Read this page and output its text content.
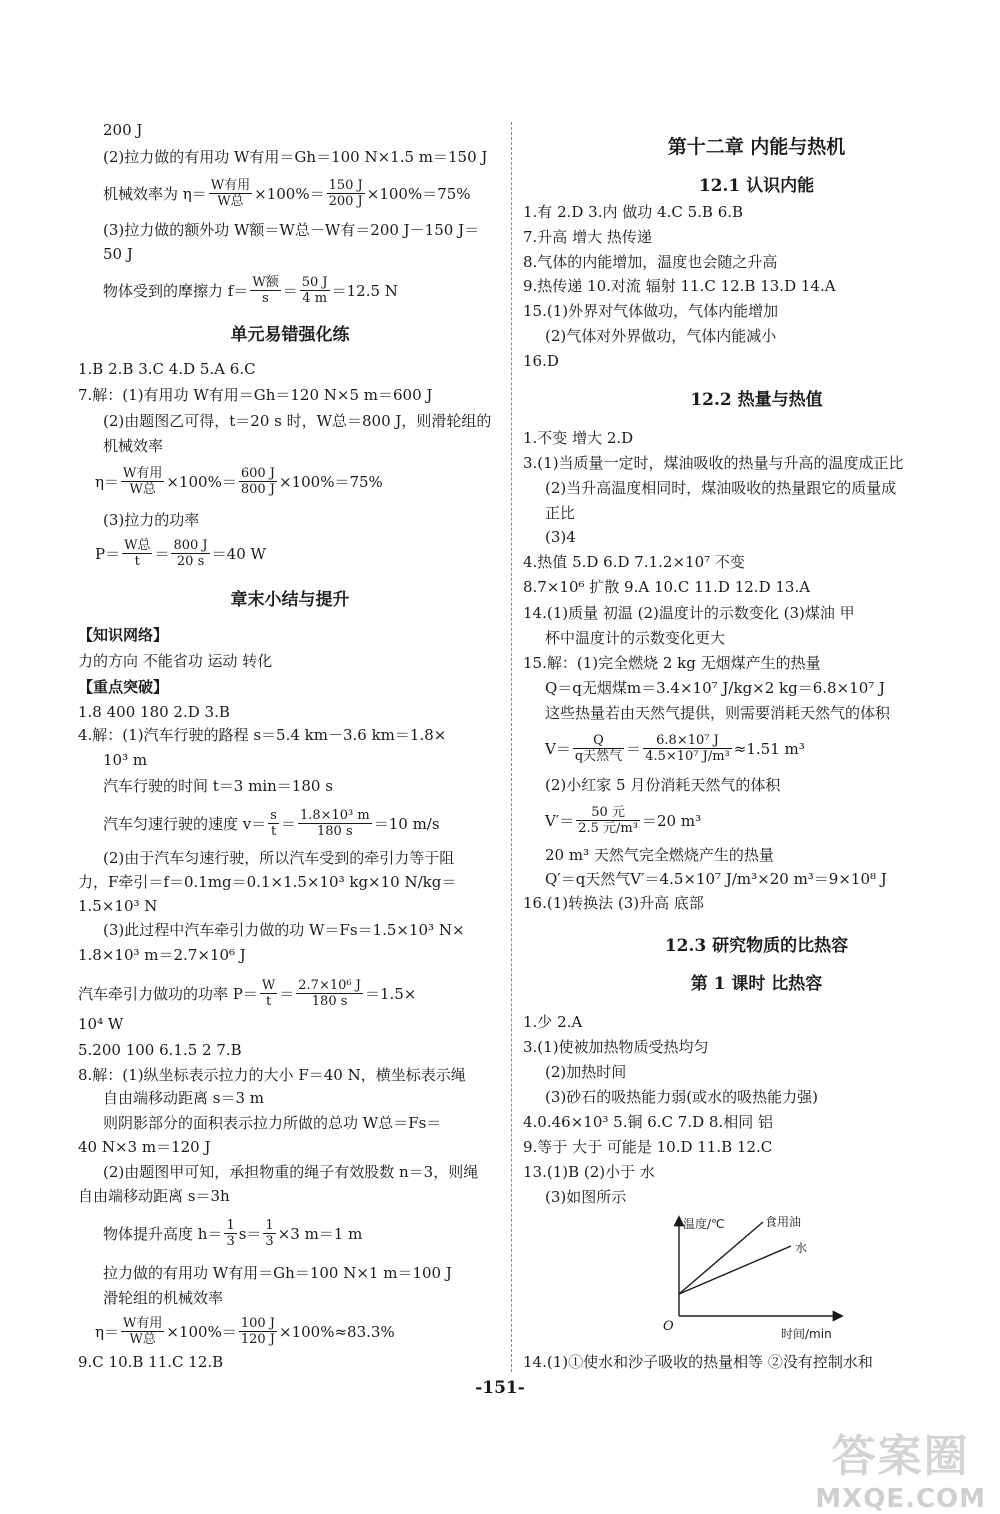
200 J
(2)拉力做的有用功 W有用＝Gh＝100 N×1.5 m＝150 J
机械效率为 $\eta= \frac{\text{W有用}}{\text{W总}} \times 100\%= \frac{150 J}{200 J} \times 100\%=75\%$
(3)拉力做的额外功 W额＝W总－W有＝200 J－150 J＝
50 J
物体受到的摩擦力 $f= \frac{\text{W额}}{s} = \frac{50 J}{4 m} =12.5$ N
单元易错强化练
1.B 2.B 3.C 4.D 5.A 6.C
7.解：(1)有用功 W有用＝Gh＝120 N×5 m＝600 J
(2)由题图乙可得，t＝20 s 时，W总＝800 J，则滑轮组的
机械效率
$\eta= \frac{\text{W有用}}{\text{W总}} \times 100\%= \frac{600 J}{800 J} \times 100\%=75\%$
(3)拉力的功率
$P= \frac{\text{W总}}{t} = \frac{800 J}{20 s} =40$ W
章末小结与提升
【知识网络】
力的方向 不能省功 运动 转化
【重点突破】
1.8 400 180 2.D 3.B
4.解：(1)汽车行驶的路程 s＝5.4 km－3.6 km＝1.8×
10³ m
汽车行驶的时间 t＝3 min＝180 s
汽车匀速行驶的速度 $v= \frac{s}{t} = \frac{\text{1.8×10³ m}}{180 s} =10$ m/s
(2)由于汽车匀速行驶，所以汽车受到的牵引力等于阻
力，F牵引＝f＝0.1mg＝0.1×1.5×10³ kg×10 N/kg＝
1.5×10³ N
(3)此过程中汽车牵引力做的功 W＝Fs＝1.5×10³ N×
1.8×10³ m＝2.7×10⁶ J
汽车牵引力做功的功率 $P= \frac{W}{t} = \frac{\text{2.7×10⁶ J}}{180 s} =1.5\times$
10⁴ W
5.200 100 6.1.5 2 7.B
8.解：(1)纵坐标表示拉力的大小 F＝40 N，横坐标表示绳
自由端移动距离 s＝3 m
则阴影部分的面积表示拉力所做的总功 W总＝Fs＝
40 N×3 m＝120 J
(2)由题图甲可知，承担物重的绳子有效股数 n＝3，则绳
自由端移动距离 s＝3h
物体提升高度 $h= \frac{1}{3} s= \frac{1}{3} \times 3$ m＝1 m
拉力做的有用功 W有用＝Gh＝100 N×1 m＝100 J
滑轮组的机械效率
$\eta= \frac{\text{W有用}}{\text{W总}} \times 100\%= \frac{100 J}{120 J} \times 100\%\approx 83.3\%$
9.C 10.B 11.C 12.B
第十二章 内能与热机
12.1 认识内能
1.有 2.D 3.内 做功 4.C 5.B 6.B
7.升高 增大 热传递
8.气体的内能增加，温度也会随之升高
9.热传递 10.对流 辐射 11.C 12.B 13.D 14.A
15.(1)外界对气体做功，气体内能增加
(2)气体对外界做功，气体内能减小
16.D
12.2 热量与热值
1.不变 增大 2.D
3.(1)当质量一定时，煤油吸收的热量与升高的温度成正比
(2)当升高温度相同时，煤油吸收的热量跟它的质量成
正比
(3)4
4.热值 5.D 6.D 7.1.2×10⁷ 不变
8.7×10⁶ 扩散 9.A 10.C 11.D 12.D 13.A
14.(1)质量 初温 (2)温度计的示数变化 (3)煤油 甲
杯中温度计的示数变化更大
15.解：(1)完全燃烧 2 kg 无烟煤产生的热量
Q＝q无烟煤m＝3.4×10⁷ J/kg×2 kg＝6.8×10⁷ J
这些热量若由天然气提供，则需要消耗天然气的体积
$V= \frac{Q}{\text{q天然气}} = \frac{\text{6.8×10⁷ J}}{\text{4.5×10⁷ J/m³}} \approx 1.51$ m³
(2)小红家 5 月份消耗天然气的体积
$V'= \frac{\text{50 元}}{\text{2.5 元/m³}} =20$ m³
20 m³ 天然气完全燃烧产生的热量
Q′＝q天然气V′＝4.5×10⁷ J/m³×20 m³＝9×10⁸ J
16.(1)转换法 (3)升高 底部
12.3 研究物质的比热容
第 1 课时 比热容
1.少 2.A
3.(1)使被加热物质受热均匀
(2)加热时间
(3)砂石的吸热能力弱(或水的吸热能力强)
4.0.46×10³ 5.铜 6.C 7.D 8.相同 铝
9.等于 大于 可能是 10.D 11.B 12.C
13.(1)B (2)小于 水
(3)如图所示
温度/℃	食用油
水
O	时间/min
14.(1)①使水和沙子吸收的热量相等 ②没有控制水和
-151-
答案圈
MXQE.COM
